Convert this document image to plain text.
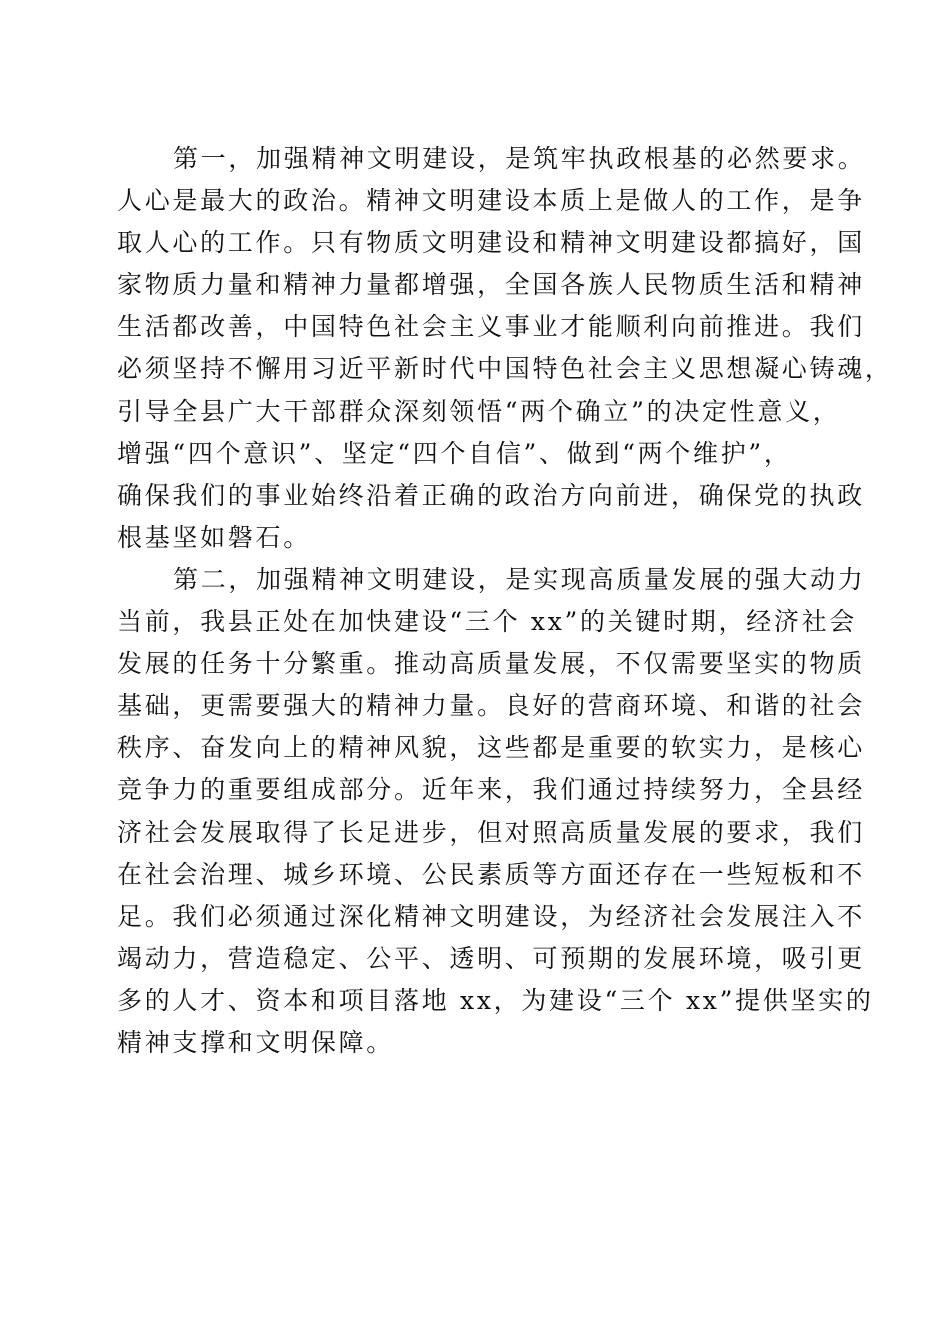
第一，加强精神文明建设，是筑牢执政根基的必然要求。
人心是最大的政治。精神文明建设本质上是做人的工作，是争
取人心的工作。只有物质文明建设和精神文明建设都搞好，国
家物质力量和精神力量都增强，全国各族人民物质生活和精神
生活都改善，中国特色社会主义事业才能顺利向前推进。我们
必须坚持不懈用习近平新时代中国特色社会主义思想凝心铸魂，
引导全县广大干部群众深刻领悟“两个确立”的决定性意义，
增强“四个意识”、坚定“四个自信”、做到“两个维护”，
确保我们的事业始终沿着正确的政治方向前进，确保党的执政
根基坚如磐石。
第二，加强精神文明建设，是实现高质量发展的强大动力
当前，我县正处在加快建设“三个 xx”的关键时期，经济社会
发展的任务十分繁重。推动高质量发展，不仅需要坚实的物质
基础，更需要强大的精神力量。良好的营商环境、和谐的社会
秩序、奋发向上的精神风貌，这些都是重要的软实力，是核心
竞争力的重要组成部分。近年来，我们通过持续努力，全县经
济社会发展取得了长足进步，但对照高质量发展的要求，我们
在社会治理、城乡环境、公民素质等方面还存在一些短板和不
足。我们必须通过深化精神文明建设，为经济社会发展注入不
竭动力，营造稳定、公平、透明、可预期的发展环境，吸引更
多的人才、资本和项目落地 xx，为建设“三个 xx”提供坚实的
精神支撑和文明保障。
